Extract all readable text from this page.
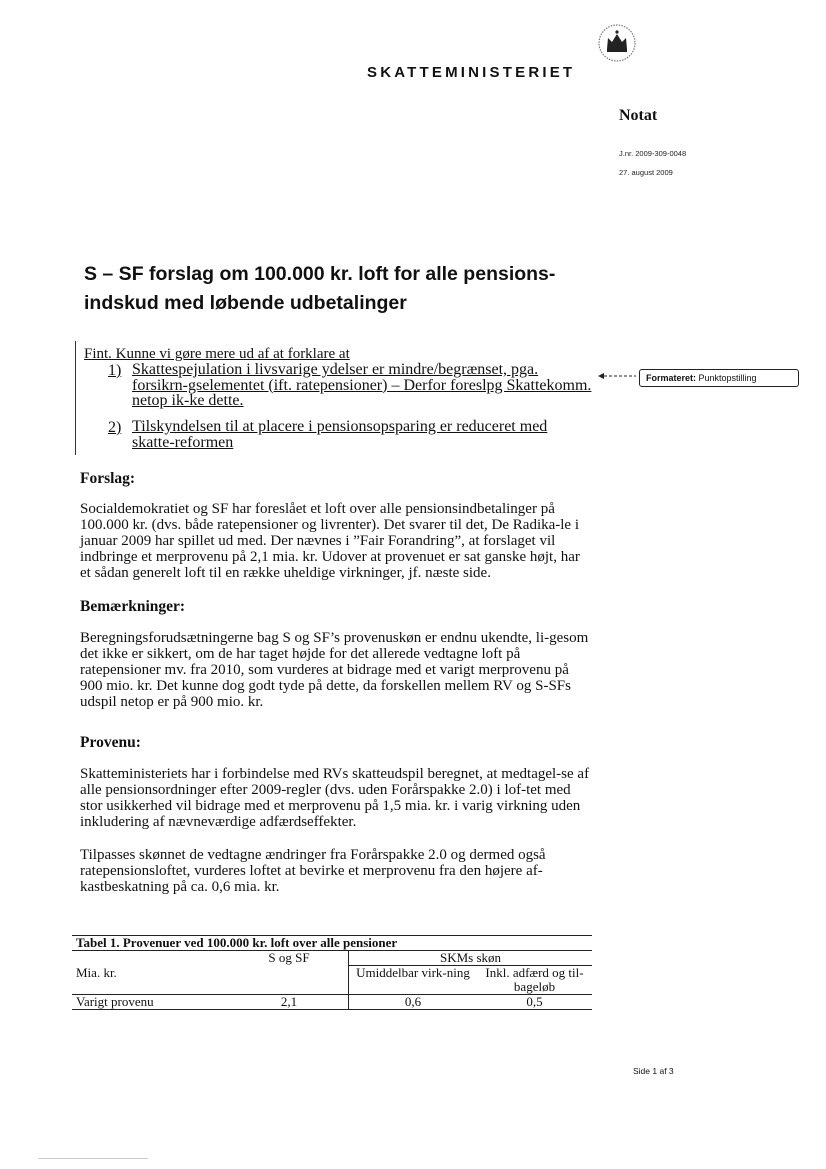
SKATTEMINISTERIET
Notat
J.nr. 2009-309-0048
27. august 2009
S – SF forslag om 100.000 kr. loft for alle pensions-
indskud med løbende udbetalinger
Fint. Kunne vi gøre mere ud af at forklare at
1) Skattespejulation i livsvarige ydelser er mindre/begrænset, pga. forsikrn-gselementet (ift. ratepensioner) – Derfor foreslpg Skattekomm. netop ik-ke dette.
2) Tilskyndelsen til at placere i pensionsopsparing er reduceret med skatte-reformen
Formateret: Punktopstilling
Forslag:
Socialdemokratiet og SF har foreslået et loft over alle pensionsindbetalinger på 100.000 kr. (dvs. både ratepensioner og livrenter). Det svarer til det, De Radika-le i januar 2009 har spillet ud med. Der nævnes i ”Fair Forandring”, at forslaget vil indbringe et merprovenu på 2,1 mia. kr. Udover at provenuet er sat ganske højt, har et sådan generelt loft til en række uheldige virkninger, jf. næste side.
Bemærkninger:
Beregningsforudsætningerne bag S og SF’s provenuskøn er endnu ukendte, li-gesom det ikke er sikkert, om de har taget højde for det allerede vedtagne loft på ratepensioner mv. fra 2010, som vurderes at bidrage med et varigt merprovenu på 900 mio. kr. Det kunne dog godt tyde på dette, da forskellen mellem RV og S-SFs udspil netop er på 900 mio. kr.
Provenu:
Skatteministeriets har i forbindelse med RVs skatteudspil beregnet, at medtagel-se af alle pensionsordninger efter 2009-regler (dvs. uden Forårspakke 2.0) i lof-tet med stor usikkerhed vil bidrage med et merprovenu på 1,5 mia. kr. i varig virkning uden inkludering af nævneværdige adfærdseffekter.
Tilpasses skønnet de vedtagne ændringer fra Forårspakke 2.0 og dermed også ratepensionsloftet, vurderes loftet at bevirke et merprovenu fra den højere af-kastbeskatning på ca. 0,6 mia. kr.
Tabel 1. Provenuer ved 100.000 kr. loft over alle pensioner			
	S og SF	SKMs skøn	
Mia. kr.		Umiddelbar virk-ning	Inkl. adfærd og til-bageløb
Varigt provenu	2,1	0,6	0,5
Side 1 af 3
